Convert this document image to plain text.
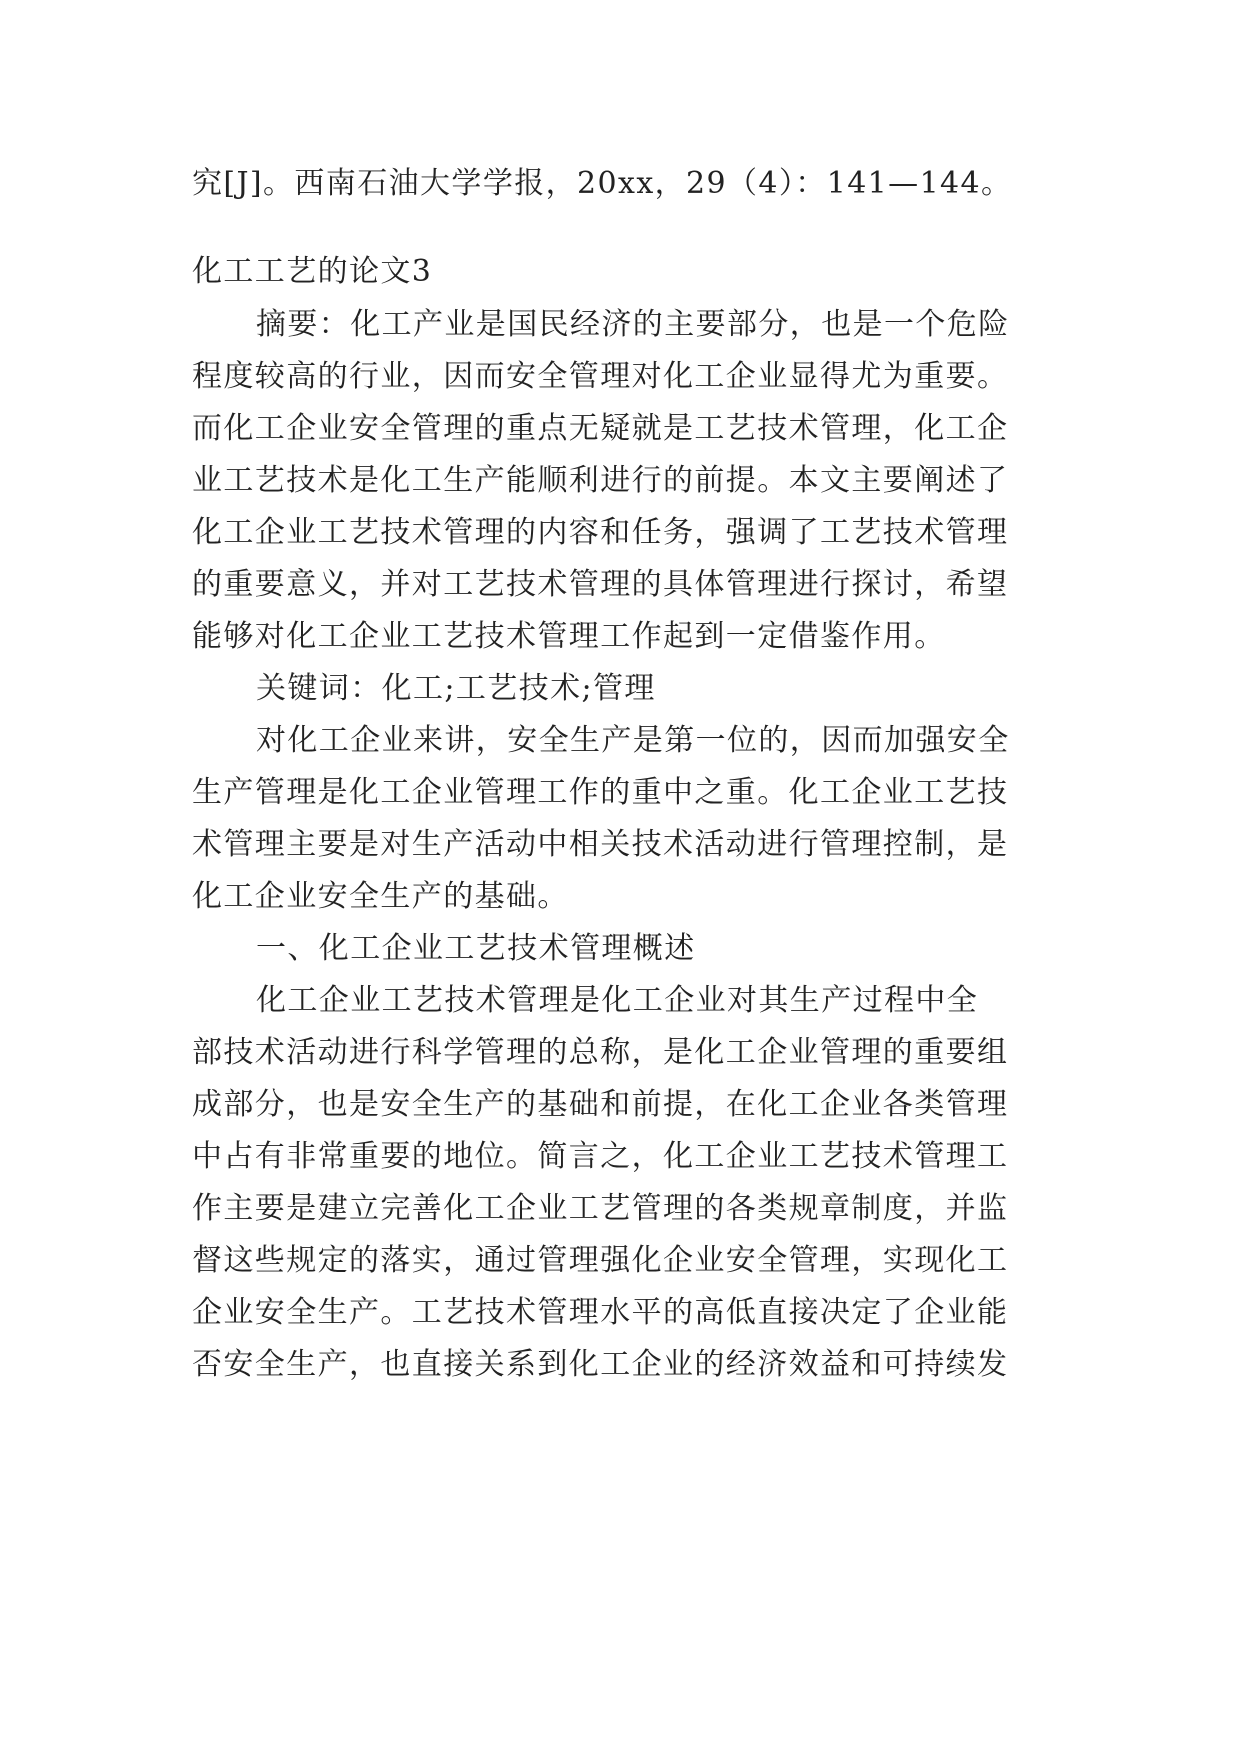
究[J]。西南石油大学学报，20xx，29（4）：141—144。
化工工艺的论文3
摘要：化工产业是国民经济的主要部分，也是一个危险
程度较高的行业，因而安全管理对化工企业显得尤为重要。
而化工企业安全管理的重点无疑就是工艺技术管理，化工企
业工艺技术是化工生产能顺利进行的前提。本文主要阐述了
化工企业工艺技术管理的内容和任务，强调了工艺技术管理
的重要意义，并对工艺技术管理的具体管理进行探讨，希望
能够对化工企业工艺技术管理工作起到一定借鉴作用。
关键词：化工;工艺技术;管理
对化工企业来讲，安全生产是第一位的，因而加强安全
生产管理是化工企业管理工作的重中之重。化工企业工艺技
术管理主要是对生产活动中相关技术活动进行管理控制，是
化工企业安全生产的基础。
一、化工企业工艺技术管理概述
化工企业工艺技术管理是化工企业对其生产过程中全
部技术活动进行科学管理的总称，是化工企业管理的重要组
成部分，也是安全生产的基础和前提，在化工企业各类管理
中占有非常重要的地位。简言之，化工企业工艺技术管理工
作主要是建立完善化工企业工艺管理的各类规章制度，并监
督这些规定的落实，通过管理强化企业安全管理，实现化工
企业安全生产。工艺技术管理水平的高低直接决定了企业能
否安全生产，也直接关系到化工企业的经济效益和可持续发
